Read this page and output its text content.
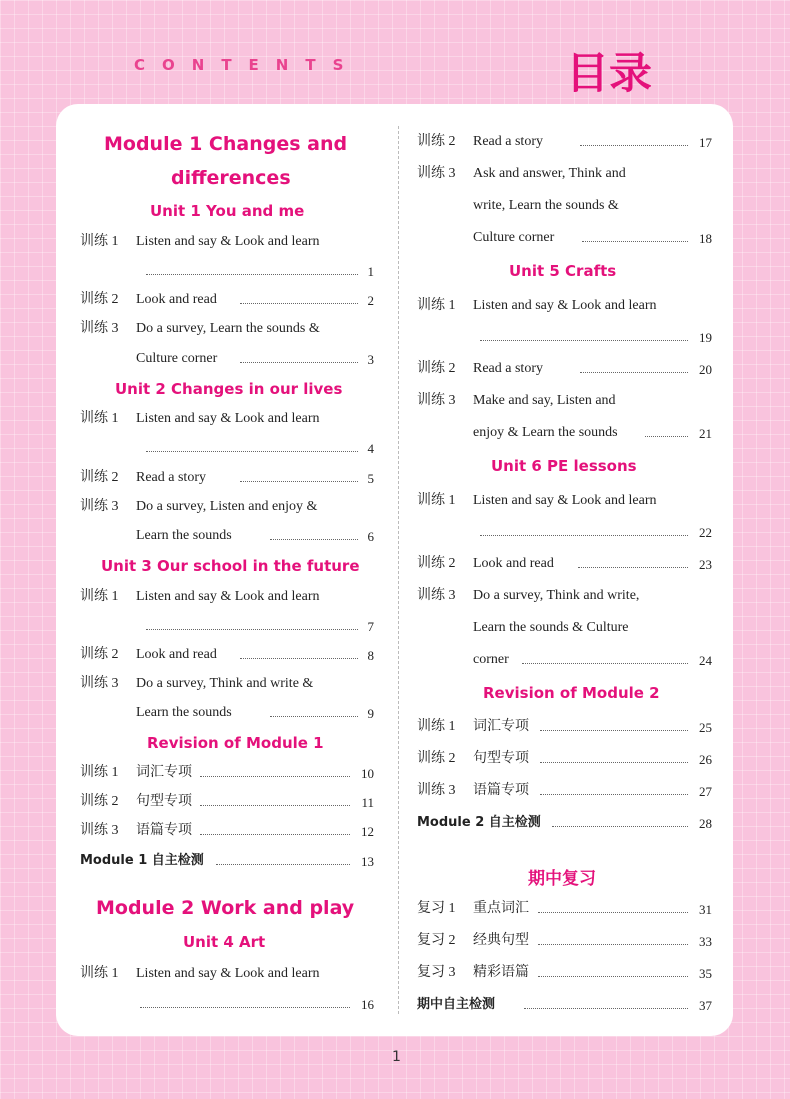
CONTENTS	目录
Module 1 Changes and
differences
Unit 1 You and me
训练 1 Listen and say & Look and learn
1
训练 2 Look and read	2
训练 3 Do a survey, Learn the sounds &
Culture corner	3
Unit 2 Changes in our lives
训练 1 Listen and say & Look and learn
4
训练 2 Read a story	5
训练 3 Do a survey, Listen and enjoy &
Learn the sounds	6
Unit 3 Our school in the future
训练 1 Listen and say & Look and learn
7
训练 2 Look and read	8
训练 3 Do a survey, Think and write &
Learn the sounds	9
Revision of Module 1
训练 1 词汇专项	10
训练 2 句型专项	11
训练 3 语篇专项	12
Module 1 自主检测	13
Module 2 Work and play
Unit 4 Art
训练 1 Listen and say & Look and learn
16
训练 2 Read a story	17
训练 3 Ask and answer, Think and
write, Learn the sounds &
Culture corner	18
Unit 5 Crafts
训练 1 Listen and say & Look and learn
19
训练 2 Read a story	20
训练 3 Make and say, Listen and
enjoy & Learn the sounds	21
Unit 6 PE lessons
训练 1 Listen and say & Look and learn
22
训练 2 Look and read	23
训练 3 Do a survey, Think and write,
Learn the sounds & Culture
corner	24
Revision of Module 2
训练 1 词汇专项	25
训练 2 句型专项	26
训练 3 语篇专项	27
Module 2 自主检测	28
期中复习
复习 1 重点词汇	31
复习 2 经典句型	33
复习 3 精彩语篇	35
期中自主检测	37
1
